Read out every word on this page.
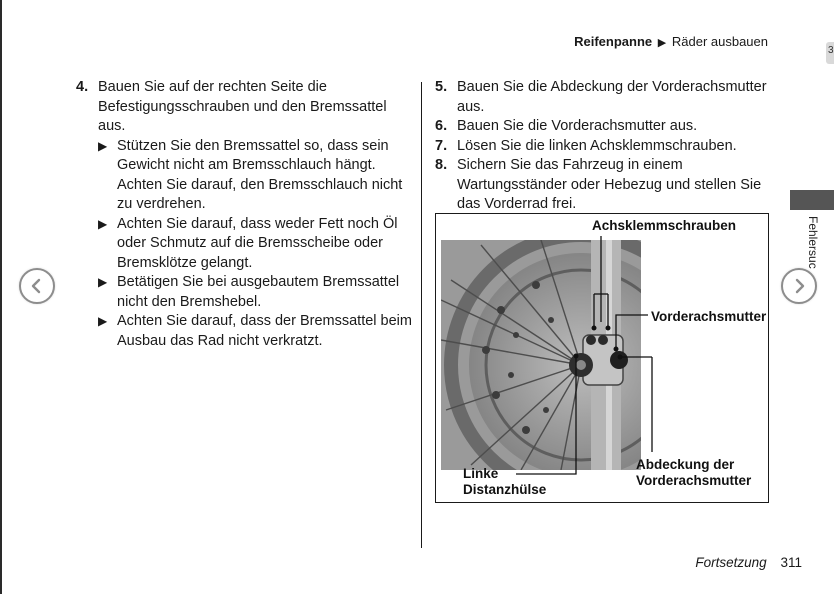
Reifenpanne ▶ Räder ausbauen
3
Fehlersuc
4. Bauen Sie auf der rechten Seite die Befestigungsschrauben und den Bremssattel aus.
▶ Stützen Sie den Bremssattel so, dass sein Gewicht nicht am Bremsschlauch hängt. Achten Sie darauf, den Bremsschlauch nicht zu verdrehen.
▶ Achten Sie darauf, dass weder Fett noch Öl oder Schmutz auf die Bremsscheibe oder Bremsklötze gelangt.
▶ Betätigen Sie bei ausgebautem Bremssattel nicht den Bremshebel.
▶ Achten Sie darauf, dass der Bremssattel beim Ausbau das Rad nicht verkratzt.
5. Bauen Sie die Abdeckung der Vorderachsmutter aus.
6. Bauen Sie die Vorderachsmutter aus.
7. Lösen Sie die linken Achsklemmschrauben.
8. Sichern Sie das Fahrzeug in einem Wartungsständer oder Hebezug und stellen Sie das Vorderrad frei.
Achsklemmschrauben
Vorderachsmutter
Linke
Distanzhülse
Abdeckung der
Vorderachsmutter
Fortsetzung 311
